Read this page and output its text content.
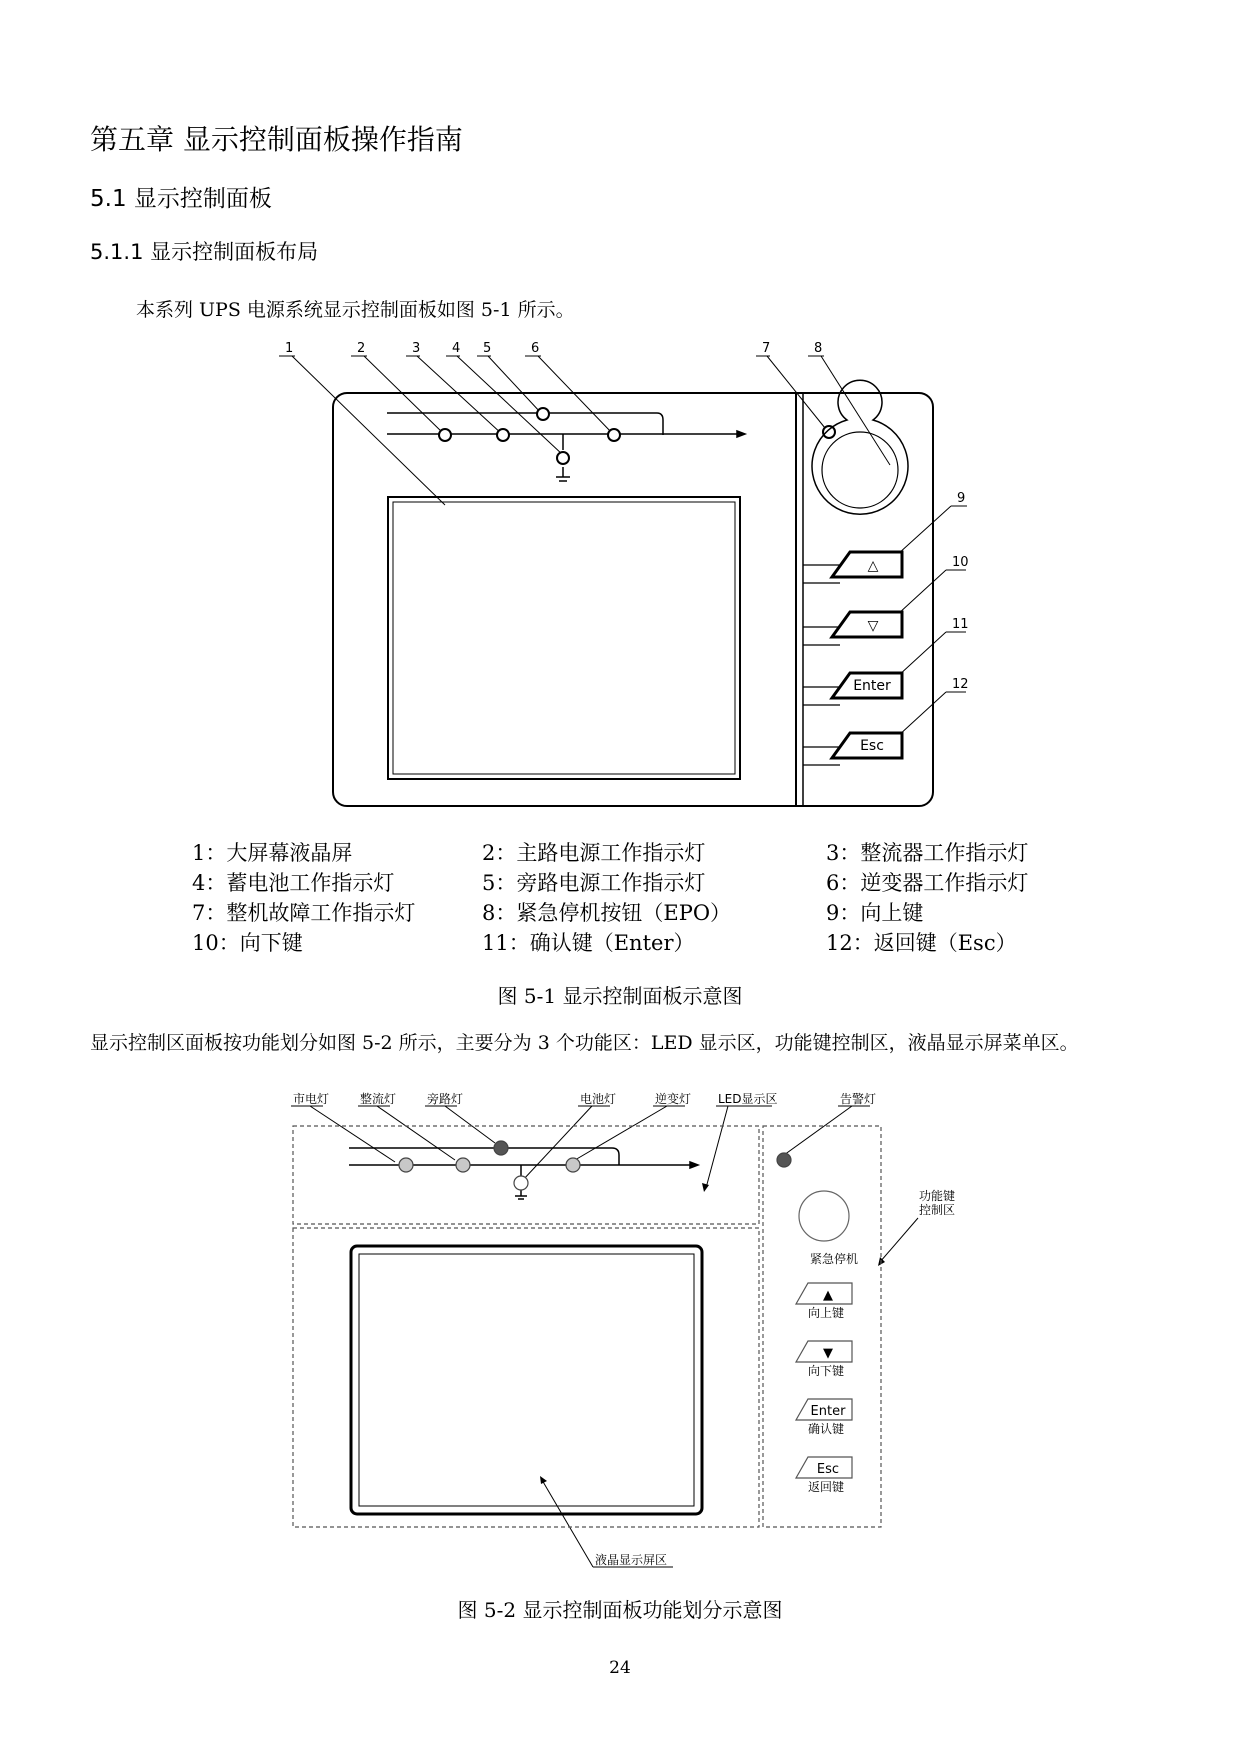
第五章 显示控制面板操作指南
5.1 显示控制面板
5.1.1 显示控制面板布局
本系列 UPS 电源系统显示控制面板如图 5-1 所示。
1	2	3 4 5	6	7	8
9
10
11
12
△
▽
Enter
Esc
1：大屏幕液晶屏	2：主路电源工作指示灯	3：整流器工作指示灯
4：蓄电池工作指示灯	5：旁路电源工作指示灯	6：逆变器工作指示灯
7：整机故障工作指示灯	8：紧急停机按钮（EPO）	9：向上键
10：向下键	11：确认键（Enter）	12：返回键（Esc）
图 5-1 显示控制面板示意图
显示控制区面板按功能划分如图 5-2 所示，主要分为 3 个功能区：LED 显示区，功能键控制区，液晶显示屏菜单区。
市电灯	整流灯	旁路灯	电池灯	逆变灯 LED显示区	告警灯
功能键
控制区
紧急停机
向上键
向下键
确认键
返回键
液晶显示屏区
▲
▼
Enter
Esc
图 5-2 显示控制面板功能划分示意图
24
